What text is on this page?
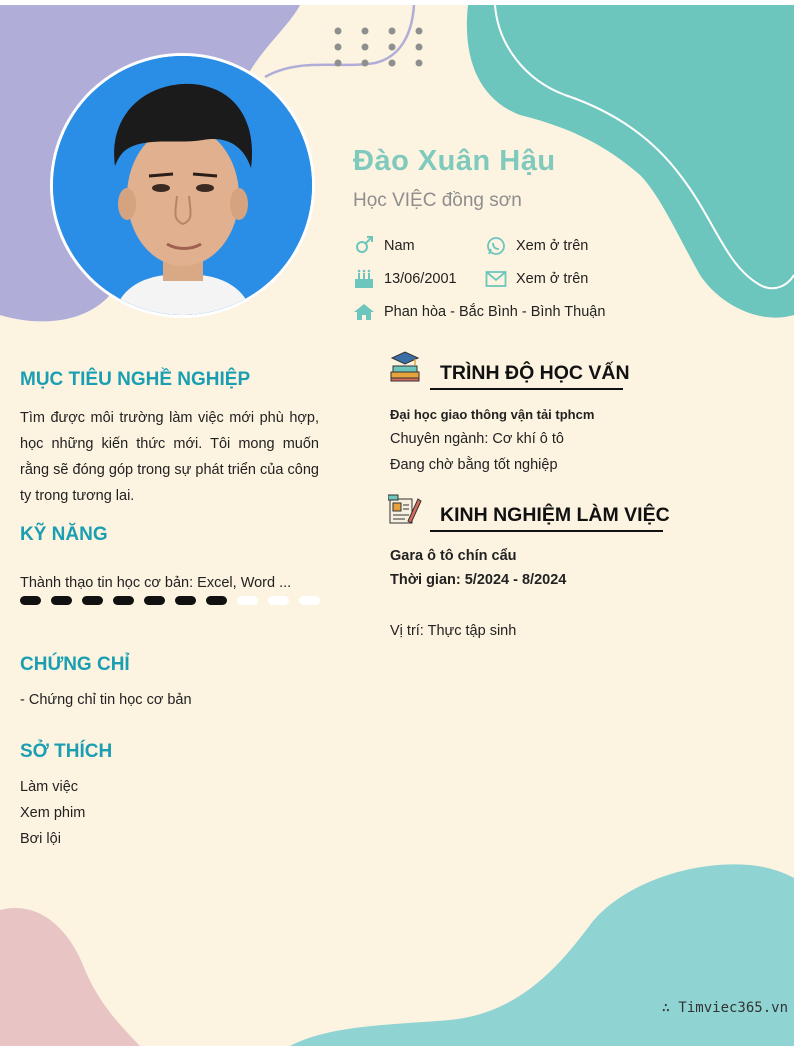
Đào Xuân Hậu
Học VIỆC đồng sơn
Nam	Xem ở trên
13/06/2001	Xem ở trên
Phan hòa - Bắc Bình - Bình Thuận
MỤC TIÊU NGHỀ NGHIỆP

Tìm được môi trường làm việc mới phù hợp, học những kiến thức mới. Tôi mong muốn rằng sẽ đóng góp trong sự phát triển của công ty trong tương lai.

KỸ NĂNG
Thành thạo tin học cơ bản: Excel, Word ...
CHỨNG CHỈ
- Chứng chỉ tin học cơ bản
SỞ THÍCH
Làm việc
Xem phim
Bơi lội
TRÌNH ĐỘ HỌC VẤN
Đại học giao thông vận tải tphcm
Chuyên ngành: Cơ khí ô tô
Đang chờ bằng tốt nghiệp
KINH NGHIỆM LÀM VIỆC
Gara ô tô chín cẩu
Thời gian: 5/2024 - 8/2024
Vị trí: Thực tập sinh
∴ Timviec365.vn
